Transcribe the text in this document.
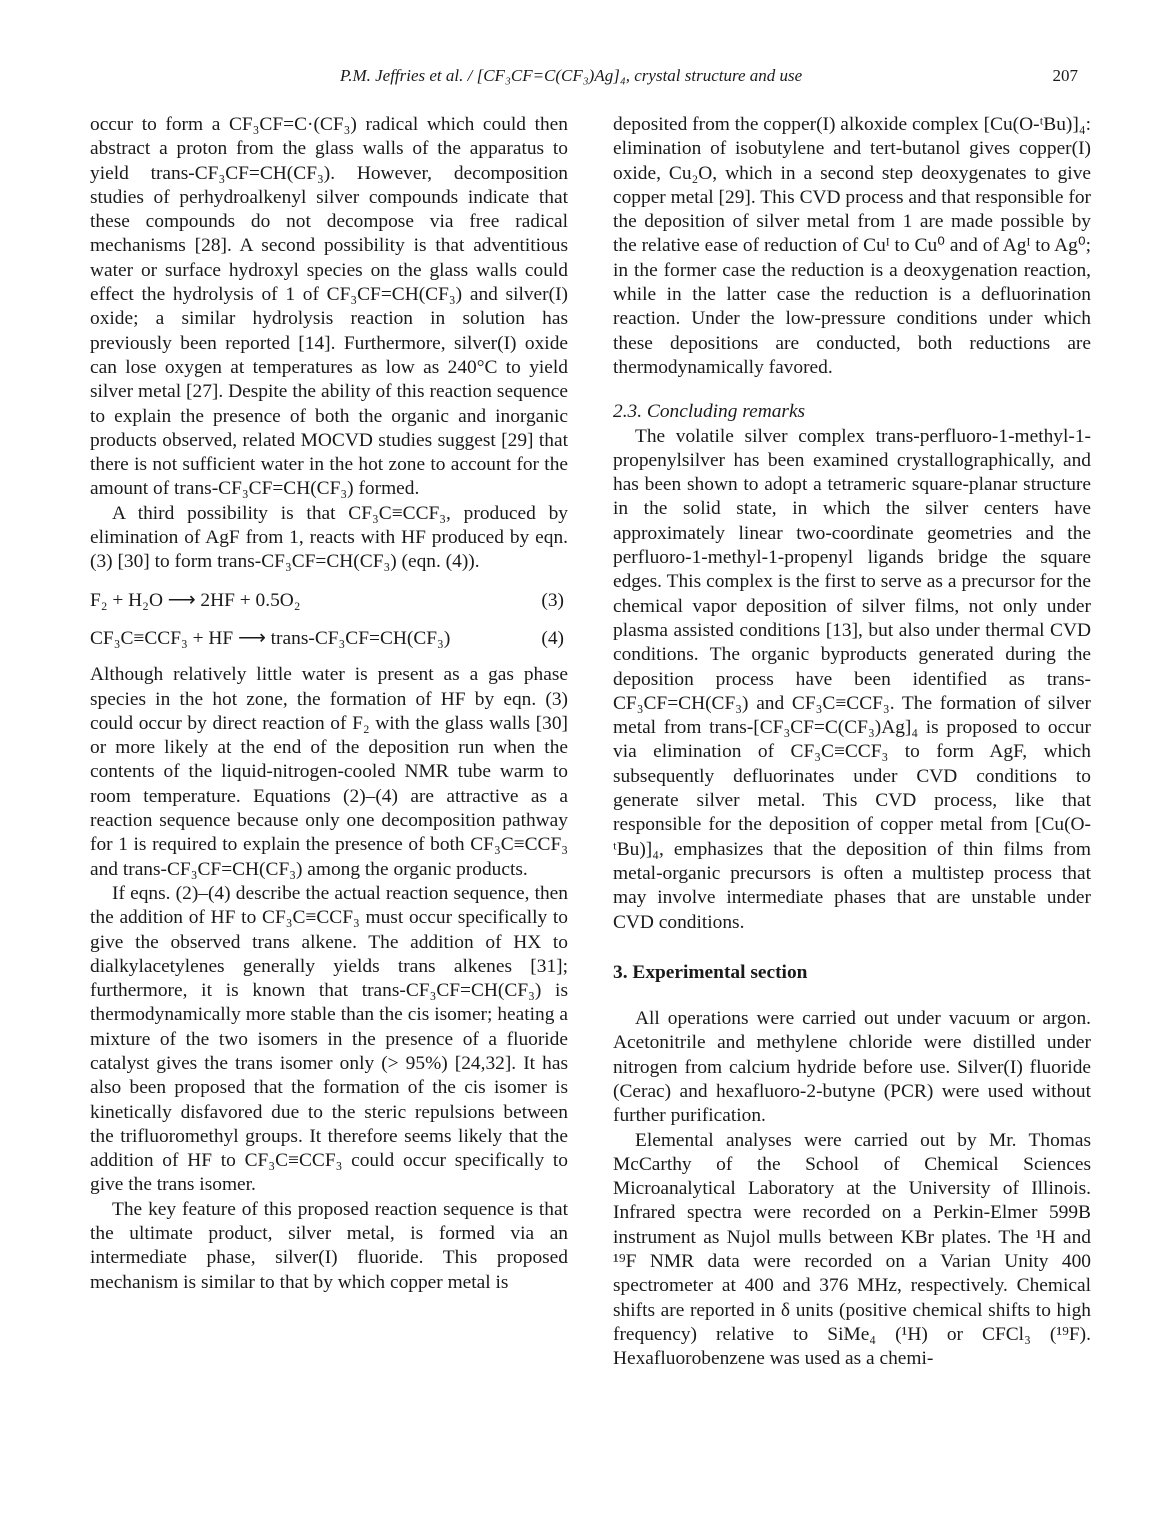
P.M. Jeffries et al. / [CF₃CF=C(CF₃)Ag]₄, crystal structure and use	207

occur to form a CF₃CF=C·(CF₃) radical which could then abstract a proton from the glass walls of the apparatus to yield trans-CF₃CF=CH(CF₃). However, decomposition studies of perhydroalkenyl silver compounds indicate that these compounds do not decompose via free radical mechanisms [28]. A second possibility is that adventitious water or surface hydroxyl species on the glass walls could effect the hydrolysis of 1 of CF₃CF=CH(CF₃) and silver(I) oxide; a similar hydrolysis reaction in solution has previously been reported [14]. Furthermore, silver(I) oxide can lose oxygen at temperatures as low as 240°C to yield silver metal [27]. Despite the ability of this reaction sequence to explain the presence of both the organic and inorganic products observed, related MOCVD studies suggest [29] that there is not sufficient water in the hot zone to account for the amount of trans-CF₃CF=CH(CF₃) formed.

A third possibility is that CF₃C≡CCF₃, produced by elimination of AgF from 1, reacts with HF produced by eqn. (3) [30] to form trans-CF₃CF=CH(CF₃) (eqn. (4)).

F₂ + H₂O ⟶ 2HF + 0.5O₂	(3)
CF₃C≡CCF₃ + HF ⟶ trans-CF₃CF=CH(CF₃)	(4)

Although relatively little water is present as a gas phase species in the hot zone, the formation of HF by eqn. (3) could occur by direct reaction of F₂ with the glass walls [30] or more likely at the end of the deposition run when the contents of the liquid-nitrogen-cooled NMR tube warm to room temperature. Equations (2)–(4) are attractive as a reaction sequence because only one decomposition pathway for 1 is required to explain the presence of both CF₃C≡CCF₃ and trans-CF₃CF=CH(CF₃) among the organic products.

If eqns. (2)–(4) describe the actual reaction sequence, then the addition of HF to CF₃C≡CCF₃ must occur specifically to give the observed trans alkene. The addition of HX to dialkylacetylenes generally yields trans alkenes [31]; furthermore, it is known that trans-CF₃CF=CH(CF₃) is thermodynamically more stable than the cis isomer; heating a mixture of the two isomers in the presence of a fluoride catalyst gives the trans isomer only (> 95%) [24,32]. It has also been proposed that the formation of the cis isomer is kinetically disfavored due to the steric repulsions between the trifluoromethyl groups. It therefore seems likely that the addition of HF to CF₃C≡CCF₃ could occur specifically to give the trans isomer.

The key feature of this proposed reaction sequence is that the ultimate product, silver metal, is formed via an intermediate phase, silver(I) fluoride. This proposed mechanism is similar to that by which copper metal is

deposited from the copper(I) alkoxide complex [Cu(O-ᵗBu)]₄: elimination of isobutylene and tert-butanol gives copper(I) oxide, Cu₂O, which in a second step deoxygenates to give copper metal [29]. This CVD process and that responsible for the deposition of silver metal from 1 are made possible by the relative ease of reduction of Cuᴵ to Cu⁰ and of Agᴵ to Ag⁰; in the former case the reduction is a deoxygenation reaction, while in the latter case the reduction is a defluorination reaction. Under the low-pressure conditions under which these depositions are conducted, both reductions are thermodynamically favored.

2.3. Concluding remarks

The volatile silver complex trans-perfluoro-1-methyl-1-propenylsilver has been examined crystallographically, and has been shown to adopt a tetrameric square-planar structure in the solid state, in which the silver centers have approximately linear two-coordinate geometries and the perfluoro-1-methyl-1-propenyl ligands bridge the square edges. This complex is the first to serve as a precursor for the chemical vapor deposition of silver films, not only under plasma assisted conditions [13], but also under thermal CVD conditions. The organic byproducts generated during the deposition process have been identified as trans-CF₃CF=CH(CF₃) and CF₃C≡CCF₃. The formation of silver metal from trans-[CF₃CF=C(CF₃)Ag]₄ is proposed to occur via elimination of CF₃C≡CCF₃ to form AgF, which subsequently defluorinates under CVD conditions to generate silver metal. This CVD process, like that responsible for the deposition of copper metal from [Cu(O-ᵗBu)]₄, emphasizes that the deposition of thin films from metal-organic precursors is often a multistep process that may involve intermediate phases that are unstable under CVD conditions.

3. Experimental section

All operations were carried out under vacuum or argon. Acetonitrile and methylene chloride were distilled under nitrogen from calcium hydride before use. Silver(I) fluoride (Cerac) and hexafluoro-2-butyne (PCR) were used without further purification.

Elemental analyses were carried out by Mr. Thomas McCarthy of the School of Chemical Sciences Microanalytical Laboratory at the University of Illinois. Infrared spectra were recorded on a Perkin-Elmer 599B instrument as Nujol mulls between KBr plates. The ¹H and ¹⁹F NMR data were recorded on a Varian Unity 400 spectrometer at 400 and 376 MHz, respectively. Chemical shifts are reported in δ units (positive chemical shifts to high frequency) relative to SiMe₄ (¹H) or CFCl₃ (¹⁹F). Hexafluorobenzene was used as a chemi-
